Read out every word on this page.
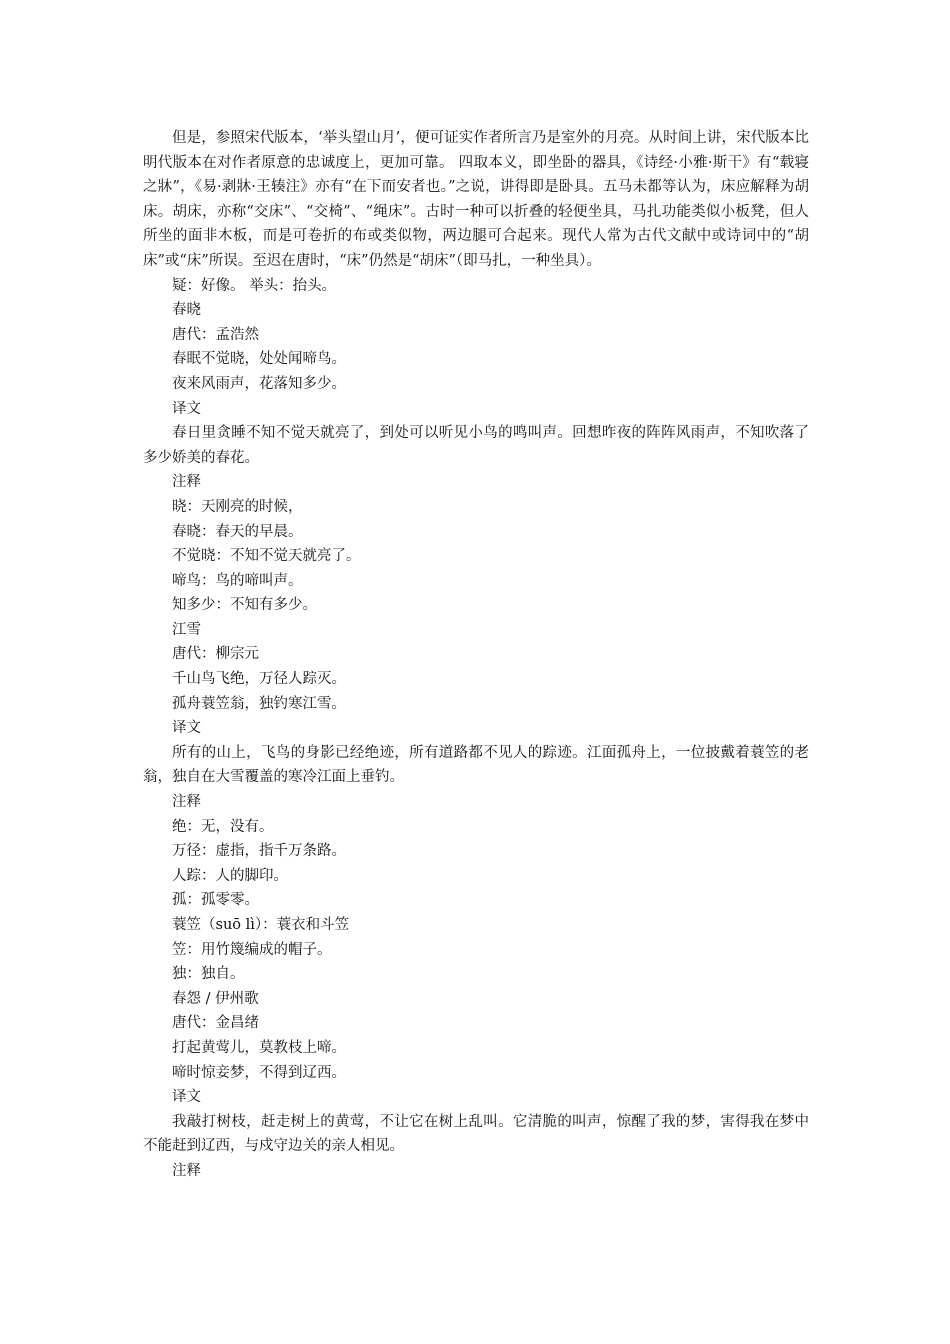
但是，参照宋代版本，‘举头望山月’，便可证实作者所言乃是室外的月亮。从时间上讲，宋代版本比明代版本在对作者原意的忠诚度上，更加可靠。 四取本义，即坐卧的器具，《诗经·小雅·斯干》有“载寝之牀”，《易·剥牀·王辏注》亦有“在下而安者也。”之说，讲得即是卧具。五马未都等认为，床应解释为胡床。胡床，亦称“交床”、“交椅”、“绳床”。古时一种可以折叠的轻便坐具，马扎功能类似小板凳，但人所坐的面非木板，而是可卷折的布或类似物，两边腿可合起来。现代人常为古代文献中或诗词中的“胡床”或“床”所误。至迟在唐时，“床”仍然是“胡床”（即马扎，一种坐具）。

疑：好像。 举头：抬头。

春晓

唐代：孟浩然

春眠不觉晓，处处闻啼鸟。

夜来风雨声，花落知多少。

译文

春日里贪睡不知不觉天就亮了，到处可以听见小鸟的鸣叫声。回想昨夜的阵阵风雨声，不知吹落了多少娇美的春花。

注释

晓：天刚亮的时候，

春晓：春天的早晨。

不觉晓：不知不觉天就亮了。

啼鸟：鸟的啼叫声。

知多少：不知有多少。

江雪

唐代：柳宗元

千山鸟飞绝，万径人踪灭。

孤舟蓑笠翁，独钓寒江雪。

译文

所有的山上，飞鸟的身影已经绝迹，所有道路都不见人的踪迹。江面孤舟上，一位披戴着蓑笠的老翁，独自在大雪覆盖的寒冷江面上垂钓。

注释

绝：无，没有。

万径：虚指，指千万条路。

人踪：人的脚印。

孤：孤零零。

蓑笠（suō lì）：蓑衣和斗笠

笠：用竹篾编成的帽子。

独：独自。

春怨 / 伊州歌

唐代：金昌绪

打起黄莺儿，莫教枝上啼。

啼时惊妾梦，不得到辽西。

译文

我敲打树枝，赶走树上的黄莺，不让它在树上乱叫。它清脆的叫声，惊醒了我的梦，害得我在梦中不能赶到辽西，与戍守边关的亲人相见。

注释
